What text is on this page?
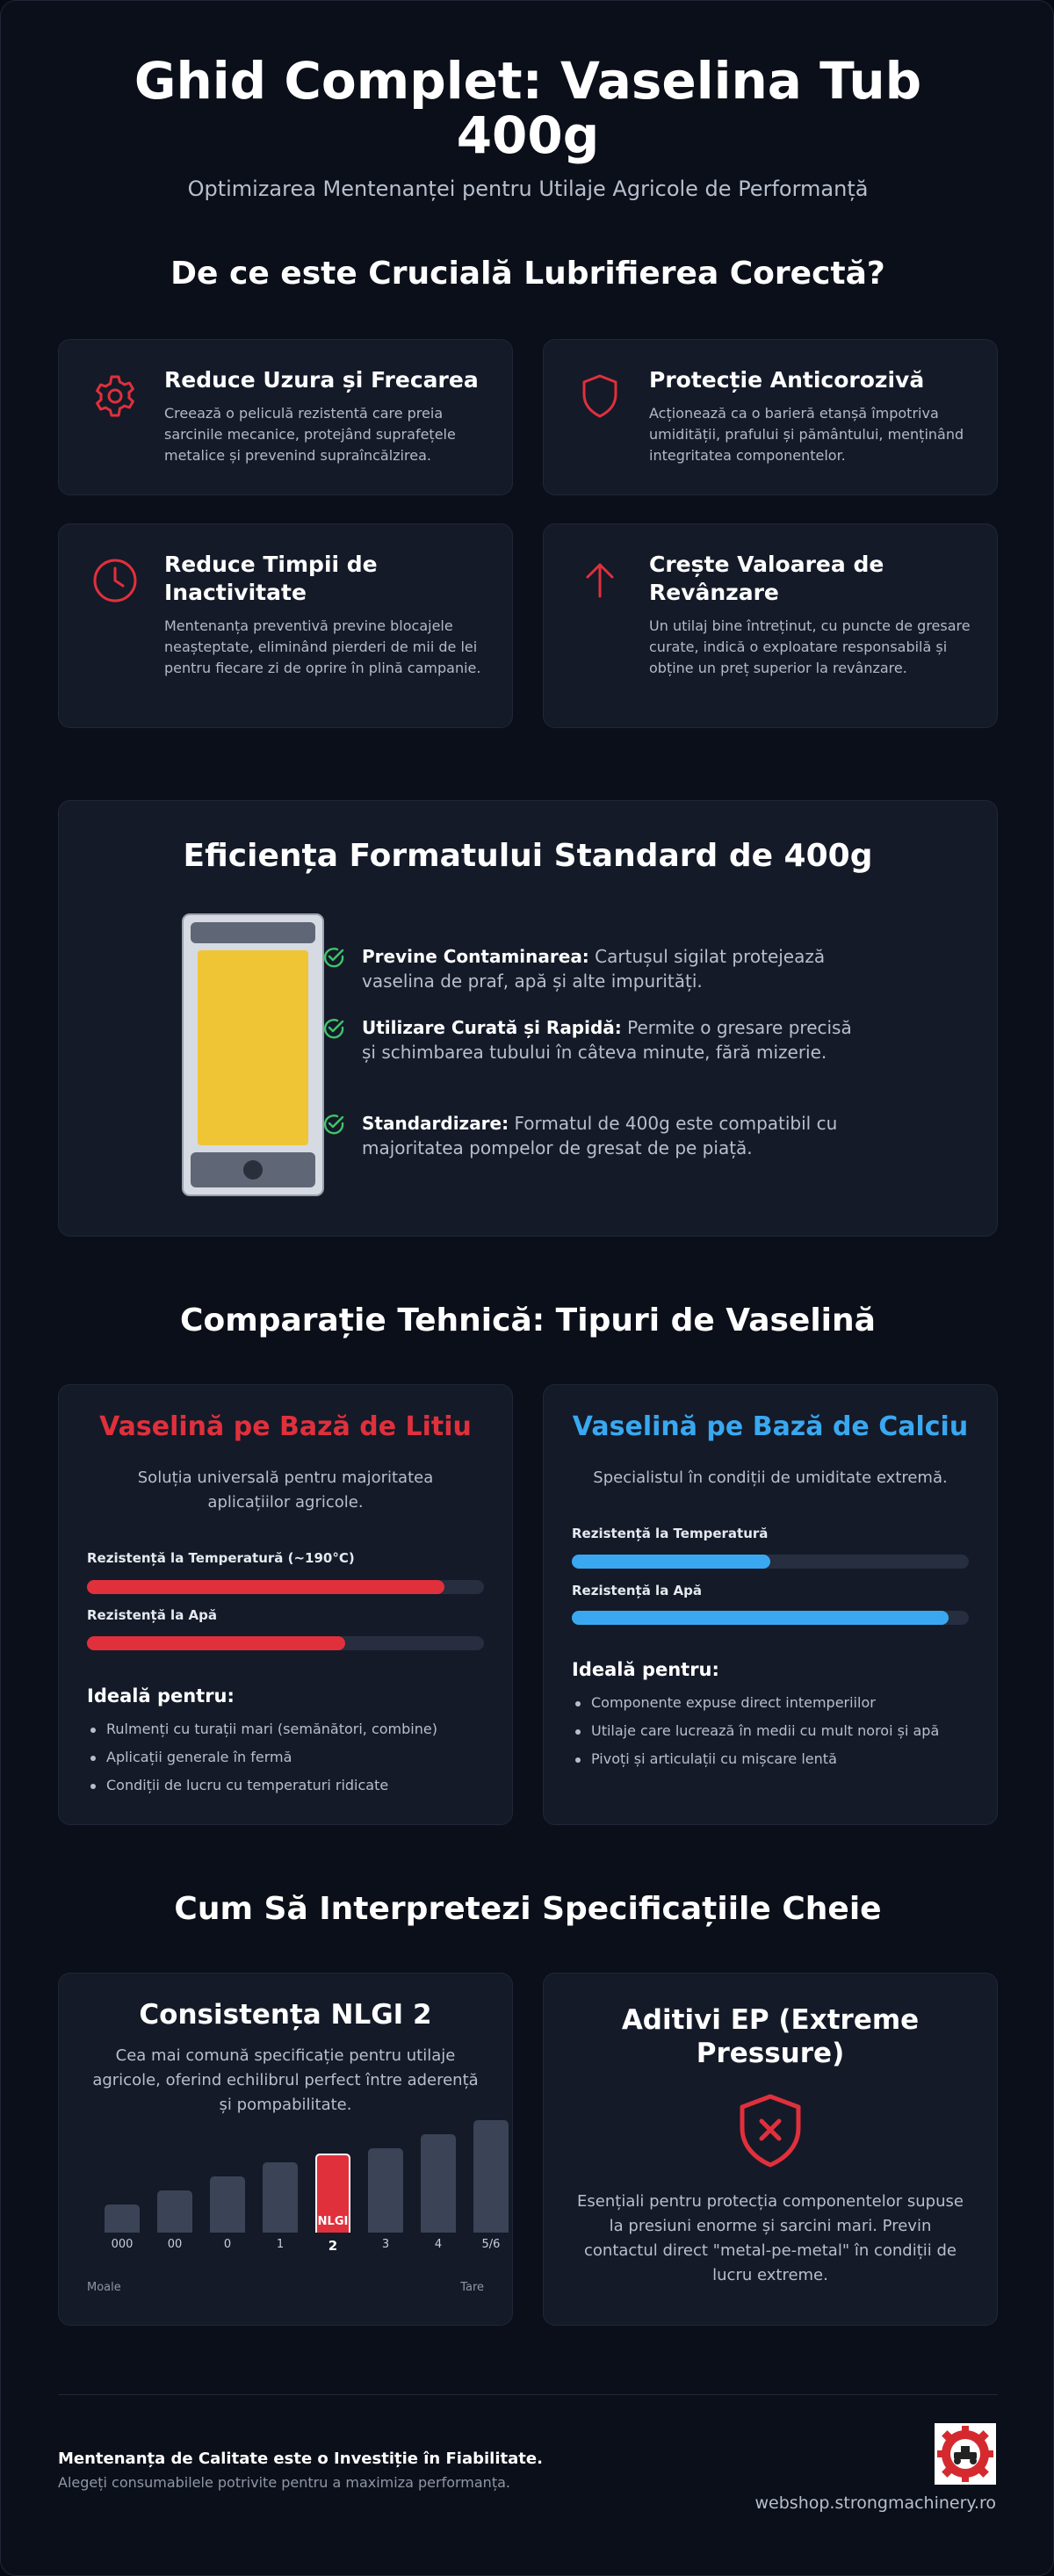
Ghid Complet: Vaselina Tub
400g
Optimizarea Mentenanței pentru Utilaje Agricole de Performanță
De ce este Crucială Lubrifierea Corectă?
Reduce Uzura și Frecarea
Creează o peliculă rezistentă care preia sarcinile mecanice, protejând suprafețele metalice și prevenind supraîncălzirea.
Protecție Anticorozivă
Acționează ca o barieră etanșă împotriva umidității, prafului și pământului, menținând integritatea componentelor.
Reduce Timpii de Inactivitate
Mentenanța preventivă previne blocajele neașteptate, eliminând pierderi de mii de lei pentru fiecare zi de oprire în plină campanie.
Crește Valoarea de Revânzare
Un utilaj bine întreținut, cu puncte de gresare curate, indică o exploatare responsabilă și obține un preț superior la revânzare.
Eficiența Formatului Standard de 400g
Previne Contaminarea: Cartușul sigilat protejează vaselina de praf, apă și alte impurități.
Utilizare Curată și Rapidă: Permite o gresare precisă și schimbarea tubului în câteva minute, fără mizerie.
Standardizare: Formatul de 400g este compatibil cu majoritatea pompelor de gresat de pe piață.
Comparație Tehnică: Tipuri de Vaselină
Vaselină pe Bază de Litiu
Soluția universală pentru majoritatea aplicațiilor agricole.
Rezistență la Temperatură (~190°C)
Rezistență la Apă
Ideală pentru:
Rulmenți cu turații mari (semănători, combine)
Aplicații generale în fermă
Condiții de lucru cu temperaturi ridicate
Vaselină pe Bază de Calciu
Specialistul în condiții de umiditate extremă.
Rezistență la Temperatură
Rezistență la Apă
Ideală pentru:
Componente expuse direct intemperiilor
Utilaje care lucrează în medii cu mult noroi și apă
Pivoți și articulații cu mișcare lentă
Cum Să Interpretezi Specificațiile Cheie
Consistența NLGI 2
Cea mai comună specificație pentru utilaje agricole, oferind echilibrul perfect între aderență și pompabilitate.
000	00	0	1
NLGI
2	3	4	5/6
Moale	Tare
Aditivi EP (Extreme Pressure)
Esențiali pentru protecția componentelor supuse la presiuni enorme și sarcini mari. Previn contactul direct "metal-pe-metal" în condiții de lucru extreme.
Mentenanța de Calitate este o Investiție în Fiabilitate.
Alegeți consumabilele potrivite pentru a maximiza performanța.
webshop.strongmachinery.ro
